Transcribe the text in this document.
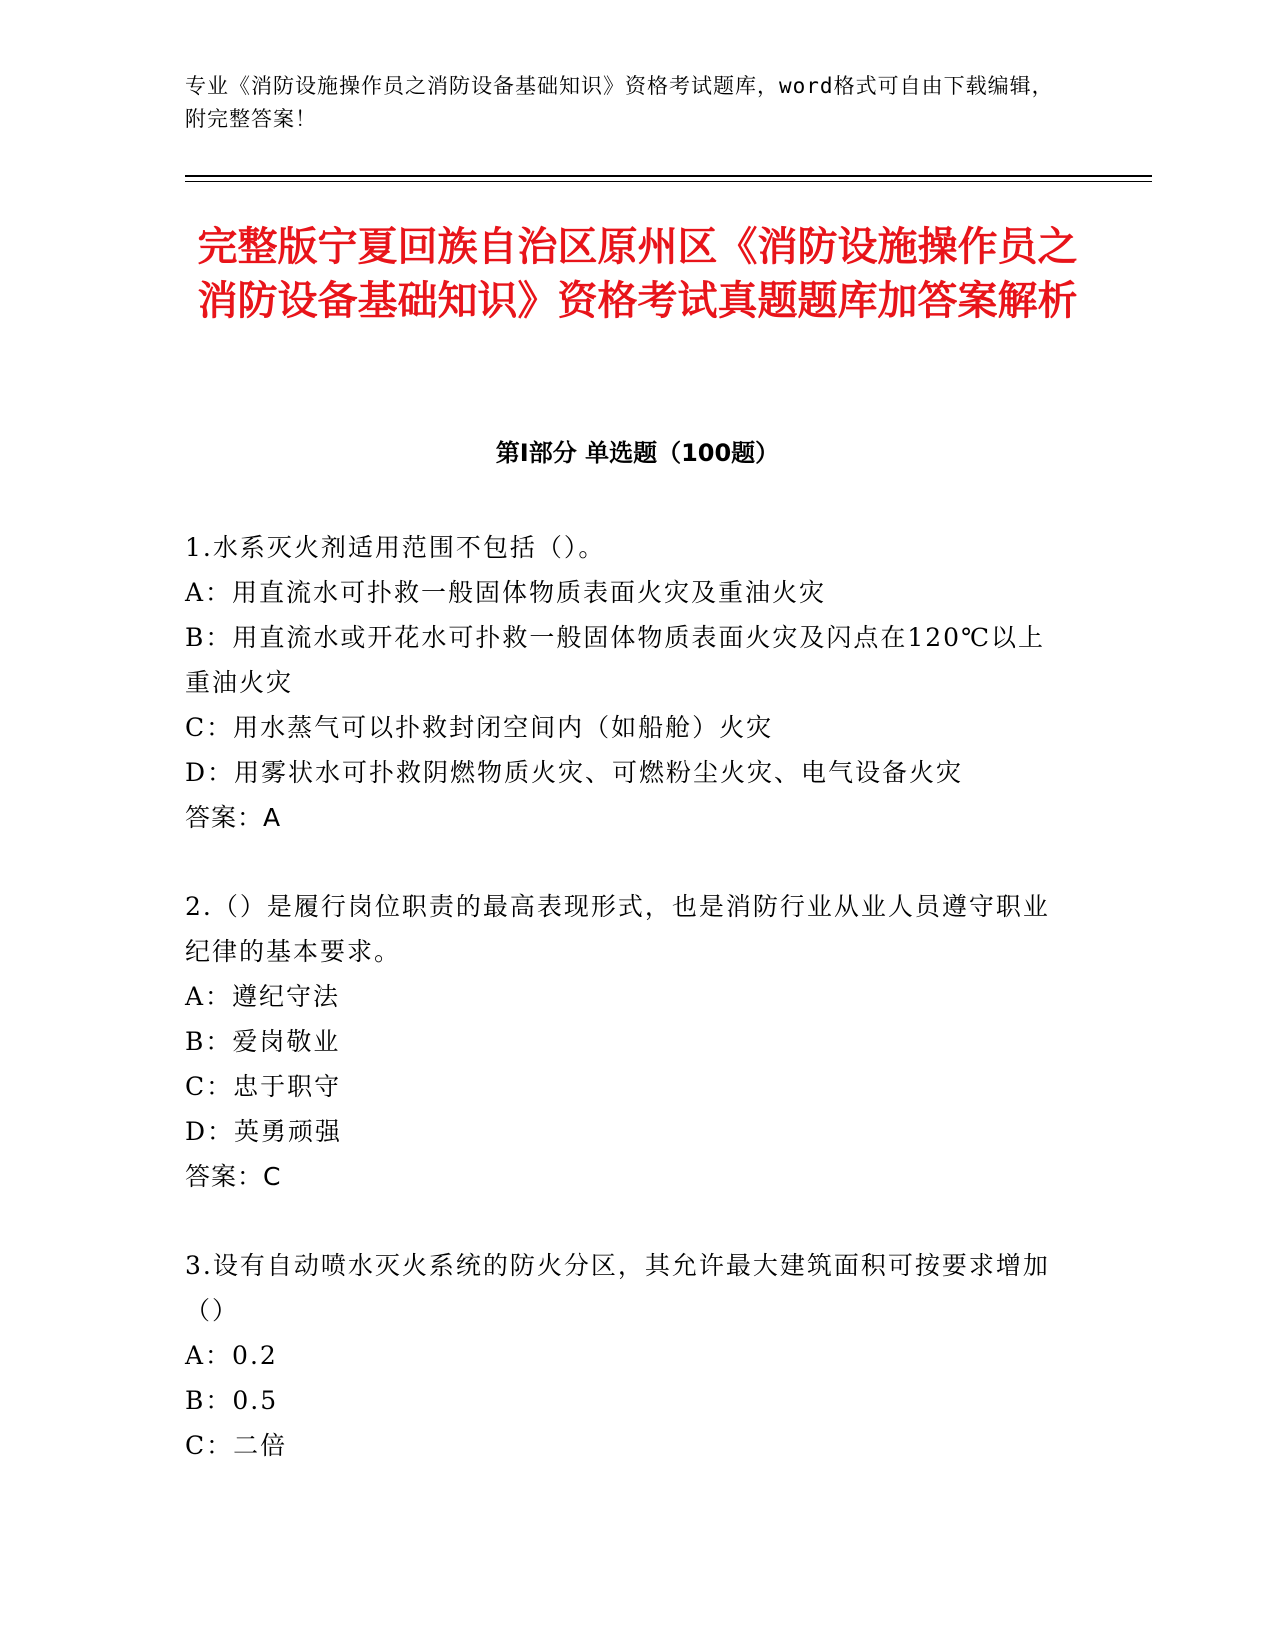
专业《消防设施操作员之消防设备基础知识》资格考试题库，word格式可自由下载编辑，附完整答案！
完整版宁夏回族自治区原州区《消防设施操作员之消防设备基础知识》资格考试真题题库加答案解析
第Ⅰ部分 单选题（100题）

1.水系灭火剂适用范围不包括（）。

A：用直流水可扑救一般固体物质表面火灾及重油火灾

B：用直流水或开花水可扑救一般固体物质表面火灾及闪点在120℃以上重油火灾

C：用水蒸气可以扑救封闭空间内（如船舱）火灾

D：用雾状水可扑救阴燃物质火灾、可燃粉尘火灾、电气设备火灾

答案：A

2.（）是履行岗位职责的最高表现形式，也是消防行业从业人员遵守职业纪律的基本要求。

A：遵纪守法

B：爱岗敬业

C：忠于职守

D：英勇顽强

答案：C

3.设有自动喷水灭火系统的防火分区，其允许最大建筑面积可按要求增加（）

A：0.2

B：0.5

C：二倍
